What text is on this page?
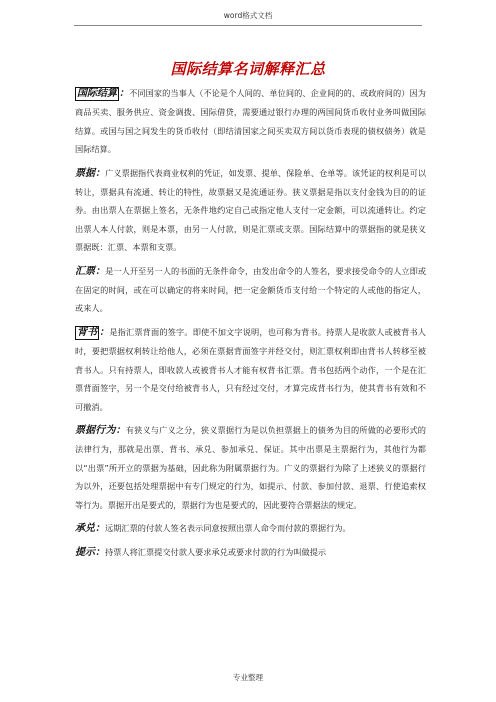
word格式文档
国际结算名词解释汇总

国际结算 ：不同国家的当事人（不论是个人间的、单位间的、企业间的的、或政府间的）因为商品买卖、服务供应、资金调拨、国际借贷，需要通过银行办理的两国间货币收付业务叫做国际结算。或国与国之间发生的货币收付（即结清国家之间买卖双方间以货币表现的债权债务）就是国际结算。

票据：广义票据指代表商业权利的凭证，如发票、提单、保险单、仓单等。该凭证的权利是可以转让，票据具有流通、转让的特性，故票据又是流通证券。狭义票据是指以支付金钱为目的的证券。由出票人在票据上签名，无条件地约定自己或指定他人支付一定金额，可以流通转让。约定出票人本人付款，则是本票，由另一人付款，则是汇票或支票。国际结算中的票据指的就是狭义票据既：汇票、本票和支票。

汇票：是一人开至另一人的书面的无条件命令，由发出命令的人签名，要求接受命令的人立即或在固定的时间，或在可以确定的将来时间，把一定金额货币支付给一个特定的人或他的指定人，或来人。

背书 ：是指汇票背面的签字。即使不加文字说明，也可称为背书。持票人是收款人或被背书人时，要把票据权利转让给他人，必须在票据背面签字并经交付，则汇票权利即由背书人转移至被背书人。只有持票人，即收款人或被背书人才能有权背书汇票。背书包括两个动作，一个是在汇票背面签字，另一个是交付给被背书人，只有经过交付，才算完成背书行为，使其背书有效和不可撤消。

票据行为：有狭义与广义之分，狭义票据行为是以负担票据上的债务为目的所做的必要形式的法律行为，那就是出票、背书、承兑、参加承兑、保证。其中出票是主票据行为，其他行为都以“出票”所开立的票据为基础，因此称为附属票据行为。广义的票据行为除了上述狭义的票据行为以外，还要包括处理票据中有专门规定的行为，如提示、付款、参加付款、退票、行使追索权等行为。票据开出是要式的，票据行为也是要式的，因此要符合票据法的规定。

承兑：远期汇票的付款人签名表示同意按照出票人命令而付款的票据行为。

提示：持票人将汇票提交付款人要求承兑或要求付款的行为叫做提示

专业整理
